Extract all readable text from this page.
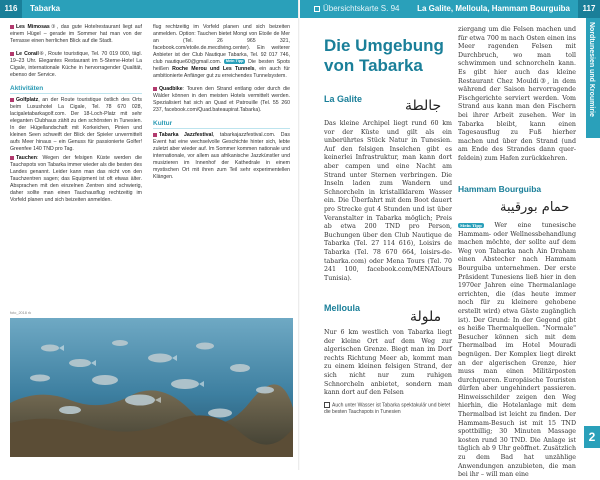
116	Tabarka

Les Mimosas③, das gute Hotelrestaurant liegt auf einem Hügel – gerade im Sommer hat man von der Terrasse einen herrlichen Blick auf die Stadt.

Le Corail⑥, Route touristique, Tel. 70 019 000, tägl. 19–23 Uhr. Elegantes Restaurant im 5-Sterne-Hotel La Cigale, internationale Küche in hervorragender Qualität, ebenso der Service.

Aktivitäten

Golfplatz, an der Route touristique östlich des Orts beim Luxushotel La Cigale, Tel. 78 670 028, lacigaletabarkagolf.com. Der 18-Loch-Platz mit sehr eleganten Clubhaus zählt zu den schönsten in Tunesien. In der Hügellandschaft mit Korkeichen, Pinien und kleinen Seen schweift der Blick der Spieler unvermittelt aufs Meer hinaus – ein Genuss für passionierte Golfer! Greenfee 140 TND pro Tag.

Tauchen: Wegen der felsigen Küste werden die Tauchspots von Tabarka immer wieder als die besten des Landes genannt. Leider kann man das nicht von den Tauchzentren sagen; das Equipment ist oft etwas älter. Absprachen mit den einzelnen Zentren sind schwierig, daher sollte man einen Tauchausflug rechtzeitig im Vorfeld planen und sich beizeiten anmelden.

flug rechtzeitig im Vorfeld planen und sich beizeiten anmelden. Option: Tauchen bietet Mongi von Etoile de Mer an (Tel. 26 965 321, facebook.com/etoile.de.mecdiving.center). Ein weiterer Anbieter ist der Club Nautique Tabarka, Tel. 92 017 746, club nautique60@gmail.com. Mein Tipp Die besten Spots heißen Roche Merou und Les Tunnels, ein auch für ambitionierte Anfänger gut zu erreichendes Tunnelsystem.

Quadbike: Touren den Strand entlang oder durch die Wälder können in den meisten Hotels vermittelt werden. Spezialisiert hat sich an Quad et Patrouille (Tel. 55 260 237, facebook.com/Quad.bateaupirat.Tabarka).

Kultur

Tabarka Jazzfestival, tabarkajazzfestival.com. Das Event hat eine wechselvolle Geschichte hinter sich, lebte zuletzt aber wieder auf. Im Sommer kommen nationale und internationale, vor allem aus afrikanische Jazzkünstler und musizieren im Innenhof der Kathedrale in einem mystischen Ort mit ihren zum Teil sehr experimentellen Klängen.

foto_2018 rk
Übersichtskarte S. 94 La Galite, Melloula, Hammam Bourguiba	117
Nordtunesien und Kroumirie
2
Die Umgebung
von Tabarka
La Galite	جالطة

Das kleine Archipel liegt rund 60 km vor der Küste und gilt als ein unberührtes Stück Natur in Tunesien. Auf den felsigen Inselchen gibt es keinerlei Infrastruktur, man kann dort aber campen und eine Nacht am Strand unter Sternen verbringen. Die Inseln laden zum Wandern und Schnorcheln in kristallklarem Wasser ein. Die Überfahrt mit dem Boot dauert pro Strecke gut 4 Stunden und ist über Veranstalter in Tabarka möglich; Preis ab etwa 200 TND pro Person, Buchungen über den Club Nautique de Tabarka (Tel. 27 114 616), Loisirs de Tabarka (Tel. 78 670 664, loisirs-de-tabarka.com) oder Mena Tours (Tel. 70 241 100, facebook.com/MENATours Tunisia).

Melloula
ملولة

Nur 6 km westlich von Tabarka liegt der kleine Ort auf dem Weg zur algerischen Grenze. Biegt man im Dorf rechts Richtung Meer ab, kommt man zu einem kleinen felsigen Strand, der sich nicht nur zum ruhigen Schnorcheln anbietet, sondern man kann dort auf den Felsen

Auch unter Wasser ist Tabarka spektakulär und bietet die besten Tauchspots in Tunesien

ziergang um die Felsen machen und für etwa 700 m nach Osten einen ins Meer ragenden Felsen mit Durchbruch, wo man toll schwimmen und schnorcheln kann. Es gibt hier auch das kleine Restaurant Chez Mouldi③, in dem während der Saison hervorragende Fischgerichte serviert werden. Vom Strand aus kann man den Fischern bei ihrer Arbeit zusehen. Wer in Tabarka bleibt, kann einen Tagesausflug zu Fuß hierher machen und über den Strand (und am Ende des Strandes dann quer-feldein) zum Hafen zurückkehren.

Hammam Bourguiba
حمام بورقيبة

Mein Tipp Wer eine tunesische Hammam- oder Wellnessbehandlung machen möchte, der sollte auf dem Weg von Tabarka nach Ain Draham einen Abstecher nach Hammam Bourguiba unternehmen. Der erste Präsident Tunesiens ließ hier in den 1970er Jahren eine Thermalanlage errichten, die (das heute immer noch für zu kleinere gehobene erstellt wird) etwa Gäste zugänglich ist). Der Grund: In der Gegend gibt es heiße Thermalquellen. "Normale" Besucher können sich mit dem Thermalbad im Hotel Mouradi begnügen. Der Komplex liegt direkt an der algerischen Grenze, hier muss man einen Militärposten durchqueren. Europäische Touristen dürfen aber ungehindert passieren. Hinweisschilder zeigen den Weg hierhin, die Hotelanlage mit dem Thermalbad ist leicht zu finden. Der Hammam-Besuch ist mit 15 TND spottbillig; 30 Minuten Massage kosten rund 30 TND. Die Anlage ist täglich ab 9 Uhr geöffnet. Zusätzlich zu dem Bad hat unzählige Anwendungen anzubieten, die man bei ihr – will man eine
